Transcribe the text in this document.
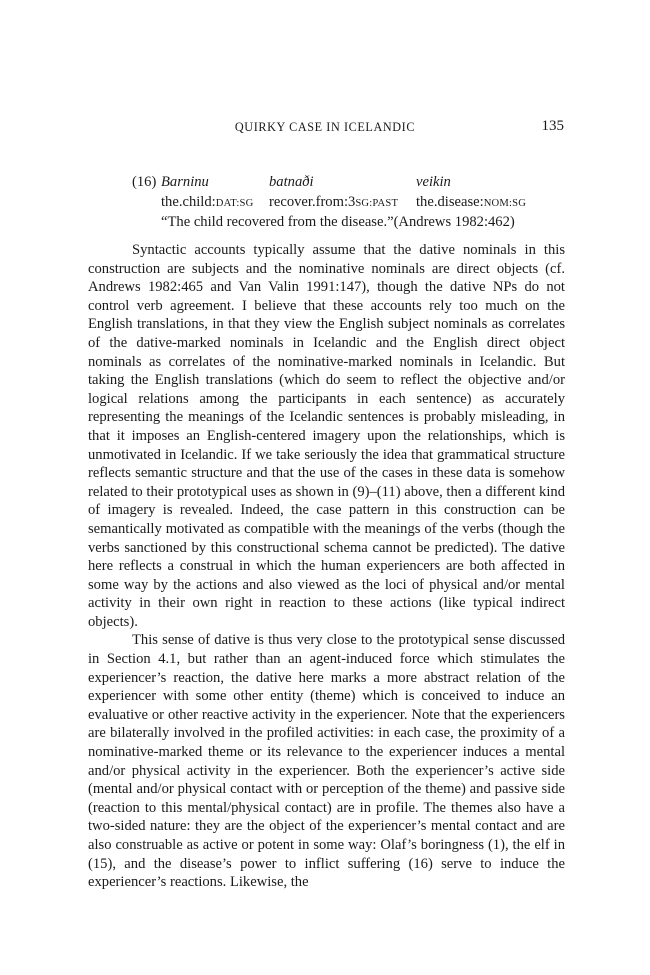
QUIRKY CASE IN ICELANDIC	135
(16) Barninu	batnaði	veikin
the.child:DAT:SG recover.from:3SG:PAST the.disease:NOM:SG
“The child recovered from the disease.”(Andrews 1982:462)

Syntactic accounts typically assume that the dative nominals in this construction are subjects and the nominative nominals are direct objects (cf. Andrews 1982:465 and Van Valin 1991:147), though the dative NPs do not control verb agreement. I believe that these accounts rely too much on the English translations, in that they view the English subject nominals as correlates of the dative-marked nominals in Icelandic and the English direct object nominals as correlates of the nominative-marked nominals in Icelandic. But taking the English translations (which do seem to reflect the objective and/or logical relations among the participants in each sentence) as accurately representing the meanings of the Icelandic sentences is probably misleading, in that it imposes an English-centered imagery upon the relationships, which is unmotivated in Icelandic. If we take seriously the idea that grammatical structure reflects semantic structure and that the use of the cases in these data is somehow related to their prototypical uses as shown in (9)–(11) above, then a different kind of imagery is revealed. Indeed, the case pattern in this construction can be semantically motivated as compatible with the meanings of the verbs (though the verbs sanctioned by this constructional schema cannot be predicted). The dative here reflects a construal in which the human experiencers are both affected in some way by the actions and also viewed as the loci of physical and/or mental activity in their own right in reaction to these actions (like typical indirect objects).

This sense of dative is thus very close to the prototypical sense discussed in Section 4.1, but rather than an agent-induced force which stimulates the experiencer’s reaction, the dative here marks a more abstract relation of the experiencer with some other entity (theme) which is conceived to induce an evaluative or other reactive activity in the experiencer. Note that the experiencers are bilaterally involved in the profiled activities: in each case, the proximity of a nominative-marked theme or its relevance to the experiencer induces a mental and/or physical activity in the experiencer. Both the experiencer’s active side (mental and/or physical contact with or perception of the theme) and passive side (reaction to this mental/physical contact) are in profile. The themes also have a two-sided nature: they are the object of the experiencer’s mental contact and are also construable as active or potent in some way: Olaf’s boringness (1), the elf in (15), and the disease’s power to inflict suffering (16) serve to induce the experiencer’s reactions. Likewise, the
